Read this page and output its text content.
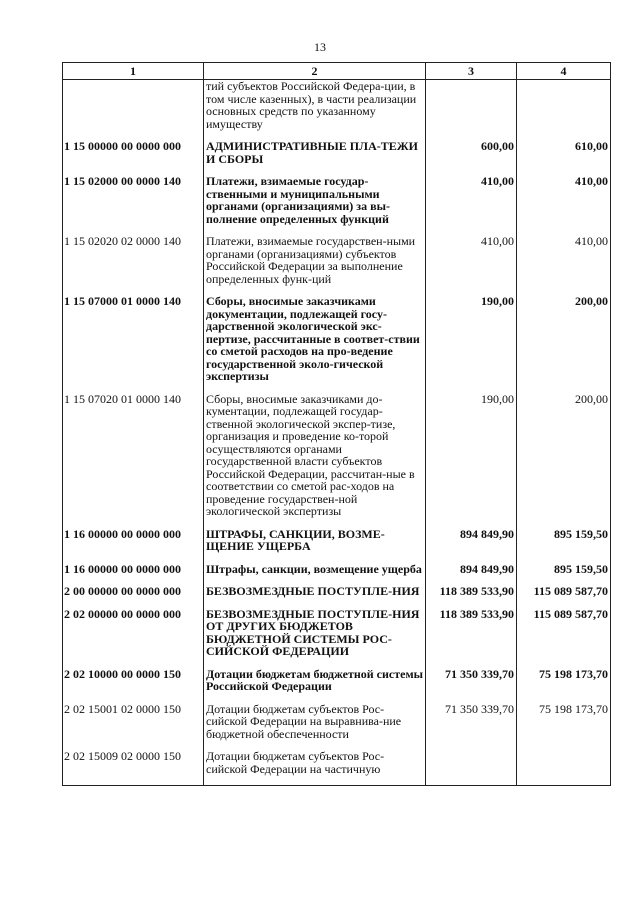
13
1	2	3	4
	тий субъектов Российской Федера-ции, в том числе казенных), в части реализации основных средств по указанному имуществу		
1 15 00000 00 0000 000	АДМИНИСТРАТИВНЫЕ ПЛА-ТЕЖИ И СБОРЫ	600,00	610,00
1 15 02000 00 0000 140	Платежи, взимаемые государ-ственными и муниципальными органами (организациями) за вы-полнение определенных функций	410,00	410,00
1 15 02020 02 0000 140	Платежи, взимаемые государствен-ными органами (организациями) субъектов Российской Федерации за выполнение определенных функ-ций	410,00	410,00
1 15 07000 01 0000 140	Сборы, вносимые заказчиками документации, подлежащей госу-дарственной экологической экс-пертизе, рассчитанные в соответ-ствии со сметой расходов на про-ведение государственной эколо-гической экспертизы	190,00	200,00
1 15 07020 01 0000 140	Сборы, вносимые заказчиками до-кументации, подлежащей государ-ственной экологической экспер-тизе, организация и проведение ко-торой осуществляются органами государственной власти субъектов Российской Федерации, рассчитан-ные в соответствии со сметой рас-ходов на проведение государствен-ной экологической экспертизы	190,00	200,00
1 16 00000 00 0000 000	ШТРАФЫ, САНКЦИИ, ВОЗМЕ-ЩЕНИЕ УЩЕРБА	894 849,90	895 159,50
1 16 00000 00 0000 000	Штрафы, санкции, возмещение ущерба	894 849,90	895 159,50
2 00 00000 00 0000 000	БЕЗВОЗМЕЗДНЫЕ ПОСТУПЛЕ-НИЯ	118 389 533,90	115 089 587,70
2 02 00000 00 0000 000	БЕЗВОЗМЕЗДНЫЕ ПОСТУПЛЕ-НИЯ ОТ ДРУГИХ БЮДЖЕТОВ БЮДЖЕТНОЙ СИСТЕМЫ РОС-СИЙСКОЙ ФЕДЕРАЦИИ	118 389 533,90	115 089 587,70
2 02 10000 00 0000 150	Дотации бюджетам бюджетной системы Российской Федерации	71 350 339,70	75 198 173,70
2 02 15001 02 0000 150	Дотации бюджетам субъектов Рос-сийской Федерации на выравнива-ние бюджетной обеспеченности	71 350 339,70	75 198 173,70
2 02 15009 02 0000 150	Дотации бюджетам субъектов Рос-сийской Федерации на частичную		
